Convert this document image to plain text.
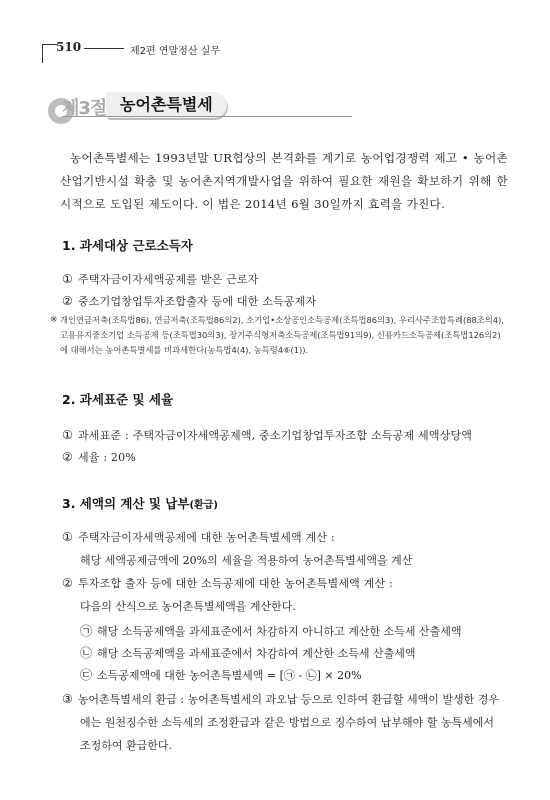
510	제2편 연말정산 실무
제3절 농어촌특별세
농어촌특별세는 1993년말 UR협상의 본격화를 계기로 농어업경쟁력 제고 • 농어촌 산업기반시설 확충 및 농어촌지역개발사업을 위하여 필요한 재원을 확보하기 위해 한시적으로 도입된 제도이다. 이 법은 2014년 6월 30일까지 효력을 가진다.
1. 과세대상 근로소득자
① 주택자금이자세액공제를 받은 근로자
② 중소기업창업투자조합출자 등에 대한 소득공제자
※ 개인연금저축(조특법86), 연금저축(조특법86의2), 소기업•소상공인소득공제(조특법86의3), 우리사주조합특례(88조의4), 고용유지중소기업 소득공제 등(조특법30의3), 장기주식형저축소득공제(조특법91의9), 신용카드소득공제(조특법126의2)에 대해서는 농어촌특별세를 비과세한다(농특법4(4), 농특령4⑥(1)).
2. 과세표준 및 세율
① 과세표준 : 주택자금이자세액공제액, 중소기업창업투자조합 소득공제 세액상당액
② 세율 : 20%
3. 세액의 계산 및 납부(환급)
① 주택자금이자세액공제에 대한 농어촌특별세액 계산 :
해당 세액공제금액에 20%의 세율을 적용하여 농어촌특별세액을 계산
② 투자조합 출자 등에 대한 소득공제에 대한 농어촌특별세액 계산 :
다음의 산식으로 농어촌특별세액을 계산한다.
㉠ 해당 소득공제액을 과세표준에서 차감하지 아니하고 계산한 소득세 산출세액
㉡ 해당 소득공제액을 과세표준에서 차감하여 계산한 소득세 산출세액
㉢ 소득공제액에 대한 농어촌특별세액 = [㉠ - ㉡] × 20%
③ 농어촌특별세의 환급 : 농어촌특별세의 과오납 등으로 인하여 환급할 세액이 발생한 경우에는 원천징수한 소득세의 조정환급과 같은 방법으로 징수하여 납부해야 할 농특세에서 조정하여 환급한다.
